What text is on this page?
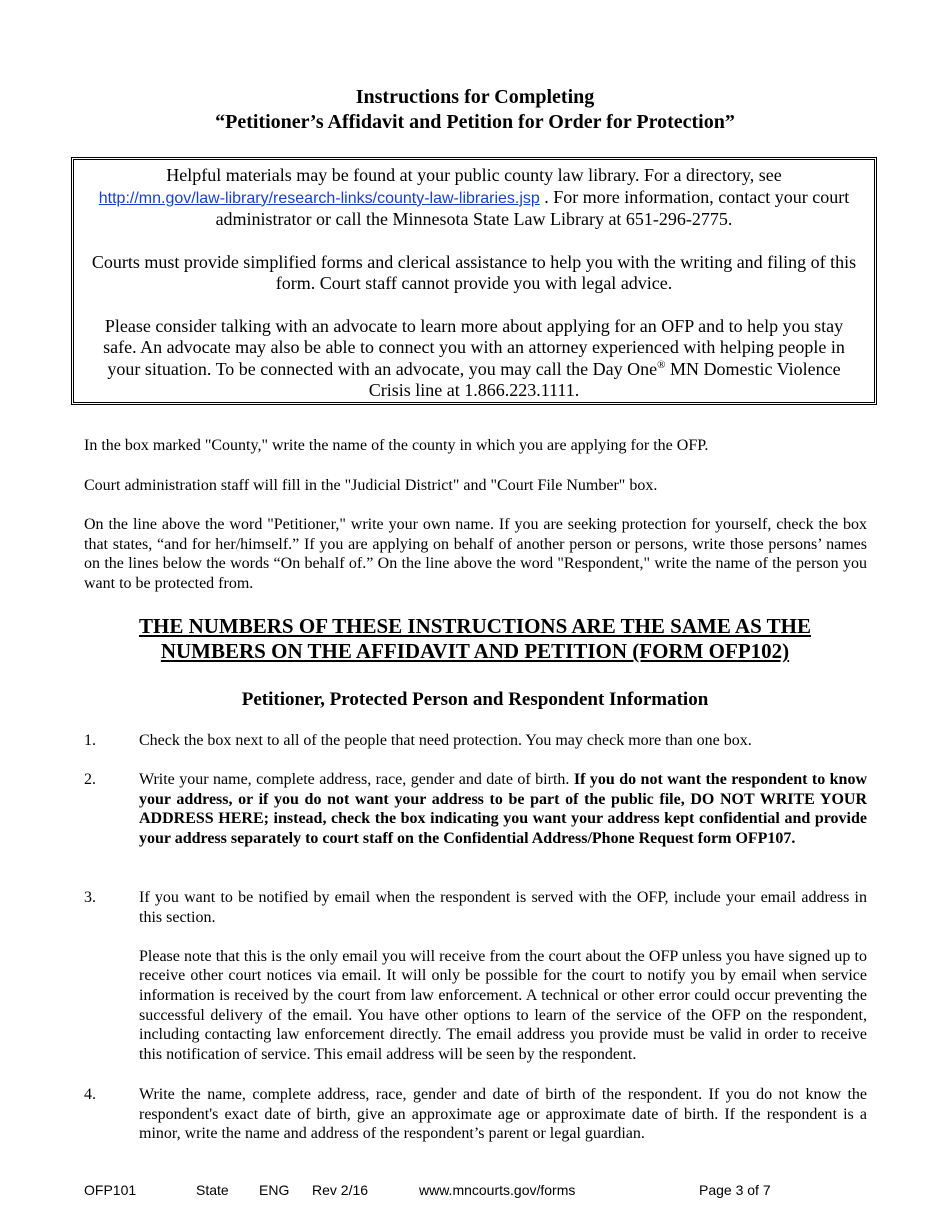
Instructions for Completing
“Petitioner’s Affidavit and Petition for Order for Protection”

Helpful materials may be found at your public county law library. For a directory, see
http://mn.gov/law-library/research-links/county-law-libraries.jsp . For more information, contact your court administrator or call the Minnesota State Law Library at 651-296-2775.

Courts must provide simplified forms and clerical assistance to help you with the writing and filing of this form. Court staff cannot provide you with legal advice.

Please consider talking with an advocate to learn more about applying for an OFP and to help you stay safe. An advocate may also be able to connect you with an attorney experienced with helping people in your situation. To be connected with an advocate, you may call the Day One® MN Domestic Violence Crisis line at 1.866.223.1111.

In the box marked "County," write the name of the county in which you are applying for the OFP.

Court administration staff will fill in the "Judicial District" and "Court File Number" box.

On the line above the word "Petitioner," write your own name. If you are seeking protection for yourself, check the box that states, “and for her/himself.” If you are applying on behalf of another person or persons, write those persons’ names on the lines below the words “On behalf of.” On the line above the word "Respondent," write the name of the person you want to be protected from.

THE NUMBERS OF THESE INSTRUCTIONS ARE THE SAME AS THE
NUMBERS ON THE AFFIDAVIT AND PETITION (FORM OFP102)
Petitioner, Protected Person and Respondent Information
1.	Check the box next to all of the people that need protection. You may check more than one box.

2.	Write your name, complete address, race, gender and date of birth. If you do not want the respondent to know your address, or if you do not want your address to be part of the public file, DO NOT WRITE YOUR ADDRESS HERE; instead, check the box indicating you want your address kept confidential and provide your address separately to court staff on the Confidential Address/Phone Request form OFP107.

3.	If you want to be notified by email when the respondent is served with the OFP, include your email address in this section.

Please note that this is the only email you will receive from the court about the OFP unless you have signed up to receive other court notices via email. It will only be possible for the court to notify you by email when service information is received by the court from law enforcement. A technical or other error could occur preventing the successful delivery of the email. You have other options to learn of the service of the OFP on the respondent, including contacting law enforcement directly. The email address you provide must be valid in order to receive this notification of service. This email address will be seen by the respondent.

4.	Write the name, complete address, race, gender and date of birth of the respondent. If you do not know the respondent's exact date of birth, give an approximate age or approximate date of birth. If the respondent is a minor, write the name and address of the respondent’s parent or legal guardian.

OFP101	State ENG Rev 2/16	www.mncourts.gov/forms	Page 3 of 7
